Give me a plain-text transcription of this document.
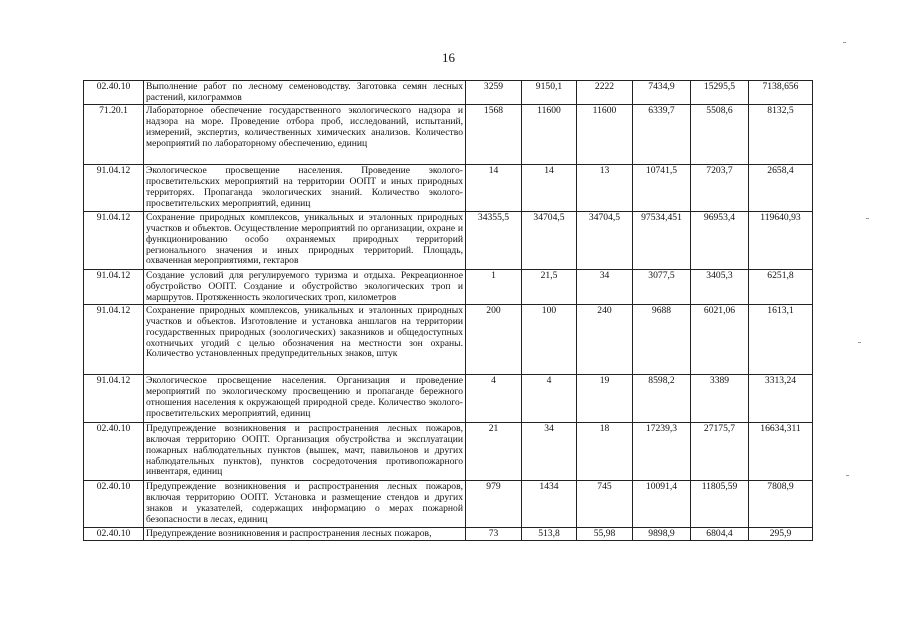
16
02.40.10	Выполнение работ по лесному семеноводству. Заготовка семян лесных растений, килограммов	3259	9150,1	2222	7434,9	15295,5	7138,656
71.20.1	Лабораторное обеспечение государственного экологического надзора и надзора на море. Проведение отбора проб, исследований, испытаний, измерений, экспертиз, количественных химических анализов. Количество мероприятий по лабораторному обеспечению, единиц	1568	11600	11600	6339,7	5508,6	8132,5
91.04.12	Экологическое просвещение населения. Проведение эколого-просветительских мероприятий на территории ООПТ и иных природных территорях. Пропаганда экологических знаний. Количество эколого-просветительских мероприятий, единиц	14	14	13	10741,5	7203,7	2658,4
91.04.12	Сохранение природных комплексов, уникальных и эталонных природных участков и объектов. Осуществление мероприятий по организации, охране и функционированию особо охраняемых природных территорий регионального значения и иных природных территорий. Площадь, охваченная мероприятиями, гектаров	34355,5	34704,5	34704,5	97534,451	96953,4	119640,93
91.04.12	Создание условий для регулируемого туризма и отдыха. Рекреационное обустройство ООПТ. Создание и обустройство экологических троп и маршрутов. Протяженность экологических троп, километров	1	21,5	34	3077,5	3405,3	6251,8
91.04.12	Сохранение природных комплексов, уникальных и эталонных природных участков и объектов. Изготовление и установка аншлагов на территории государственных природных (зоологических) заказников и общедоступных охотничьих угодий с целью обозначения на местности зон охраны. Количество установленных предупредительных знаков, штук	200	100	240	9688	6021,06	1613,1
91.04.12	Экологическое просвещение населения. Организация и проведение мероприятий по экологическому просвещению и пропаганде бережного отношения населения к окружающей природной среде. Количество эколого-просветительских мероприятий, единиц	4	4	19	8598,2	3389	3313,24
02.40.10	Предупреждение возникновения и распространения лесных пожаров, включая территорию ООПТ. Организация обустройства и эксплуатации пожарных наблюдательных пунктов (вышек, мачт, павильонов и других наблюдательных пунктов), пунктов сосредоточения противопожарного инвентаря, единиц	21	34	18	17239,3	27175,7	16634,311
02.40.10	Предупреждение возникновения и распространения лесных пожаров, включая территорию ООПТ. Установка и размещение стендов и других знаков и указателей, содержащих информацию о мерах пожарной безопасности в лесах, единиц	979	1434	745	10091,4	11805,59	7808,9
02.40.10	Предупреждение возникновения и распространения лесных пожаров,	73	513,8	55,98	9898,9	6804,4	295,9
